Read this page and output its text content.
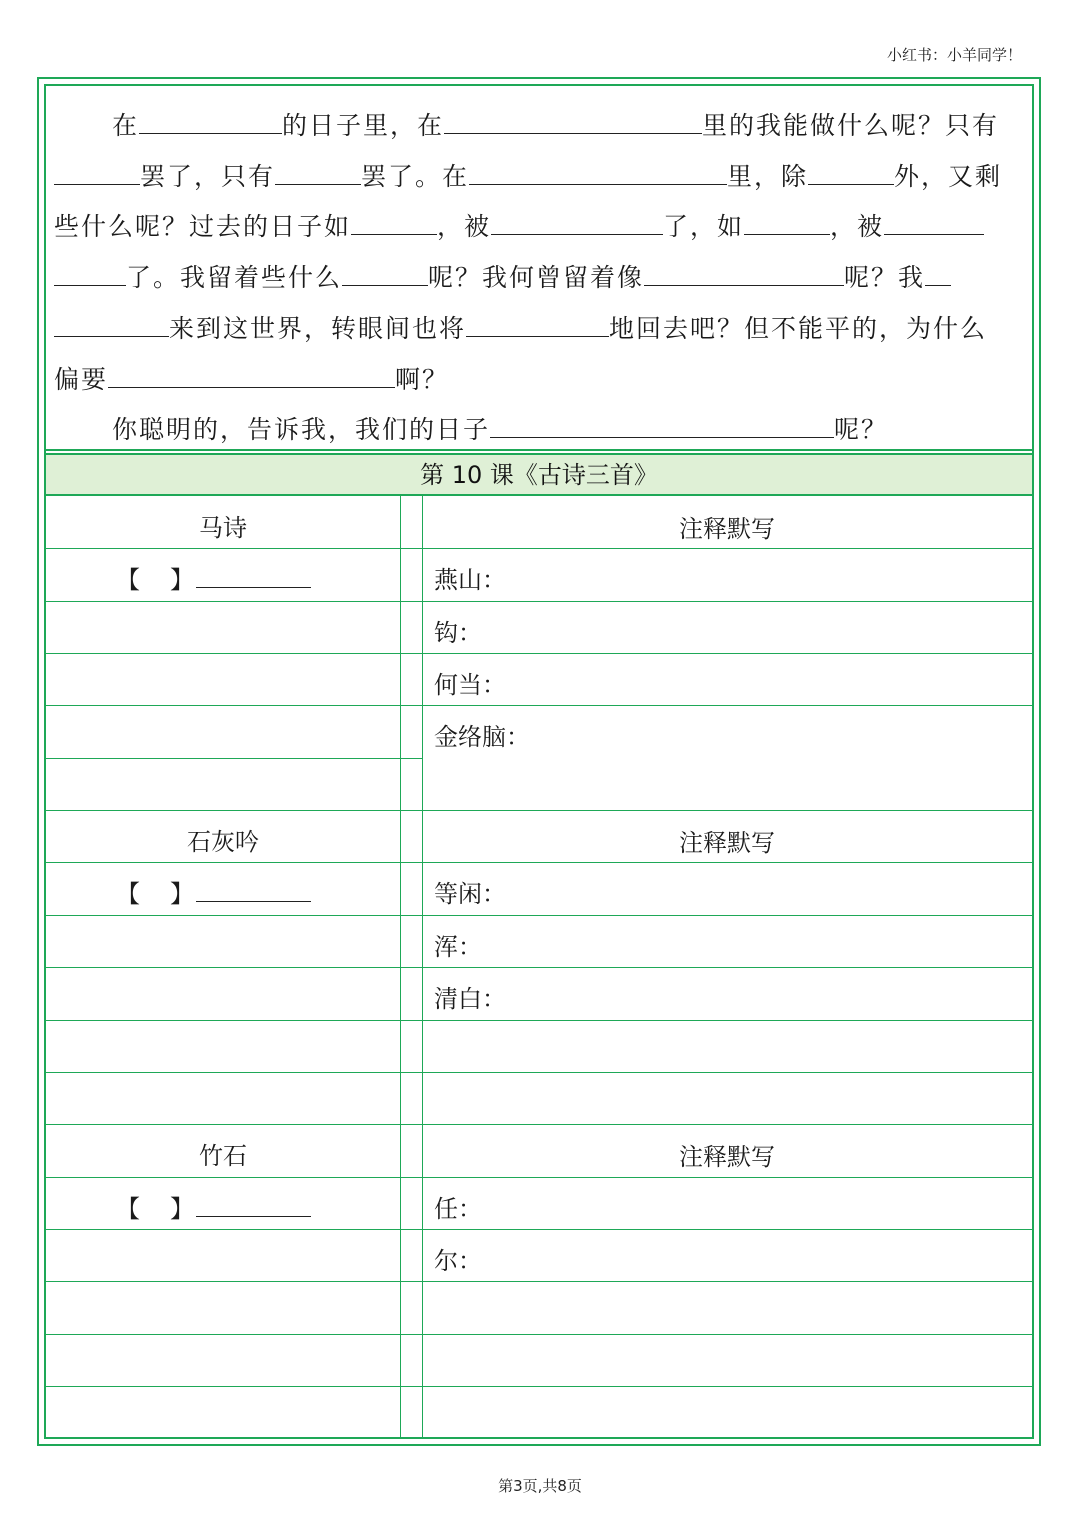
小红书：小羊同学！
在	的日子里，在	里的我能做什么呢？只有
罢了，只有	罢了。在	里，除	外，又剩
些什么呢？过去的日子如	，被	了，如	，被
了。我留着些什么	呢？我何曾留着像	呢？我
来到这世界，转眼间也将	地回去吧？但不能平的，为什么
偏要	啊？
你聪明的，告诉我，我们的日子	呢？
第 10 课《古诗三首》
马诗	注释默写
【 】	燕山：
钩：
何当：
金络脑：
石灰吟	注释默写
【 】	等闲：
浑：
清白：
竹石	注释默写
【 】	任：
尔：
第3页,共8页
